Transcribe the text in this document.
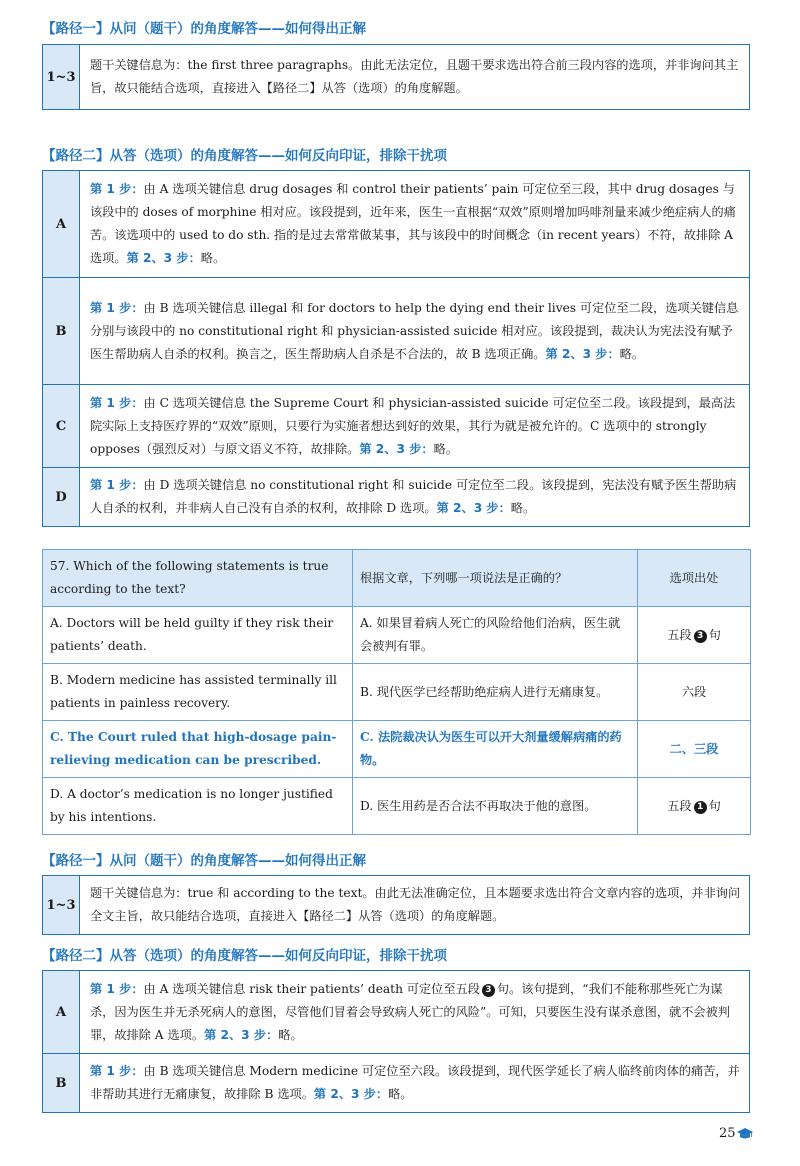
【路径一】从问（题干）的角度解答——如何得出正解
1~3	题干关键信息为：the first three paragraphs。由此无法定位，且题干要求选出符合前三段内容的选项，并非询问其主旨，故只能结合选项，直接进入【路径二】从答（选项）的角度解题。
【路径二】从答（选项）的角度解答——如何反向印证，排除干扰项
A	第 1 步：由 A 选项关键信息 drug dosages 和 control their patients’ pain 可定位至三段，其中 drug dosages 与该段中的 doses of morphine 相对应。该段提到，近年来，医生一直根据“双效”原则增加吗啡剂量来减少绝症病人的痛苦。该选项中的 used to do sth. 指的是过去常常做某事，其与该段中的时间概念（in recent years）不符，故排除 A 选项。第 2、3 步：略。
B	第 1 步：由 B 选项关键信息 illegal 和 for doctors to help the dying end their lives 可定位至二段，选项关键信息分别与该段中的 no constitutional right 和 physician-assisted suicide 相对应。该段提到，裁决认为宪法没有赋予医生帮助病人自杀的权利。换言之，医生帮助病人自杀是不合法的，故 B 选项正确。第 2、3 步：略。
C	第 1 步：由 C 选项关键信息 the Supreme Court 和 physician-assisted suicide 可定位至二段。该段提到，最高法院实际上支持医疗界的“双效”原则，只要行为实施者想达到好的效果，其行为就是被允许的。C 选项中的 strongly opposes（强烈反对）与原文语义不符，故排除。第 2、3 步：略。
D	第 1 步：由 D 选项关键信息 no constitutional right 和 suicide 可定位至二段。该段提到，宪法没有赋予医生帮助病人自杀的权利，并非病人自己没有自杀的权利，故排除 D 选项。第 2、3 步：略。
57. Which of the following statements is true according to the text?	根据文章，下列哪一项说法是正确的？	选项出处
A. Doctors will be held guilty if they risk their patients’ death.	A. 如果冒着病人死亡的风险给他们治病，医生就会被判有罪。	五段 3 句
B. Modern medicine has assisted terminally ill patients in painless recovery.	B. 现代医学已经帮助绝症病人进行无痛康复。	六段
C. The Court ruled that high-dosage pain-relieving medication can be prescribed.	C. 法院裁决认为医生可以开大剂量缓解病痛的药物。	二、三段
D. A doctor’s medication is no longer justified by his intentions.	D. 医生用药是否合法不再取决于他的意图。	五段 1 句
【路径一】从问（题干）的角度解答——如何得出正解
1~3	题干关键信息为：true 和 according to the text。由此无法准确定位，且本题要求选出符合文章内容的选项，并非询问全文主旨，故只能结合选项，直接进入【路径二】从答（选项）的角度解题。
【路径二】从答（选项）的角度解答——如何反向印证，排除干扰项
A	第 1 步：由 A 选项关键信息 risk their patients’ death 可定位至五段 3 句。该句提到，“我们不能称那些死亡为谋杀，因为医生并无杀死病人的意图，尽管他们冒着会导致病人死亡的风险”。可知，只要医生没有谋杀意图，就不会被判罪，故排除 A 选项。第 2、3 步：略。
B	第 1 步：由 B 选项关键信息 Modern medicine 可定位至六段。该段提到，现代医学延长了病人临终前肉体的痛苦，并非帮助其进行无痛康复，故排除 B 选项。第 2、3 步：略。
25
